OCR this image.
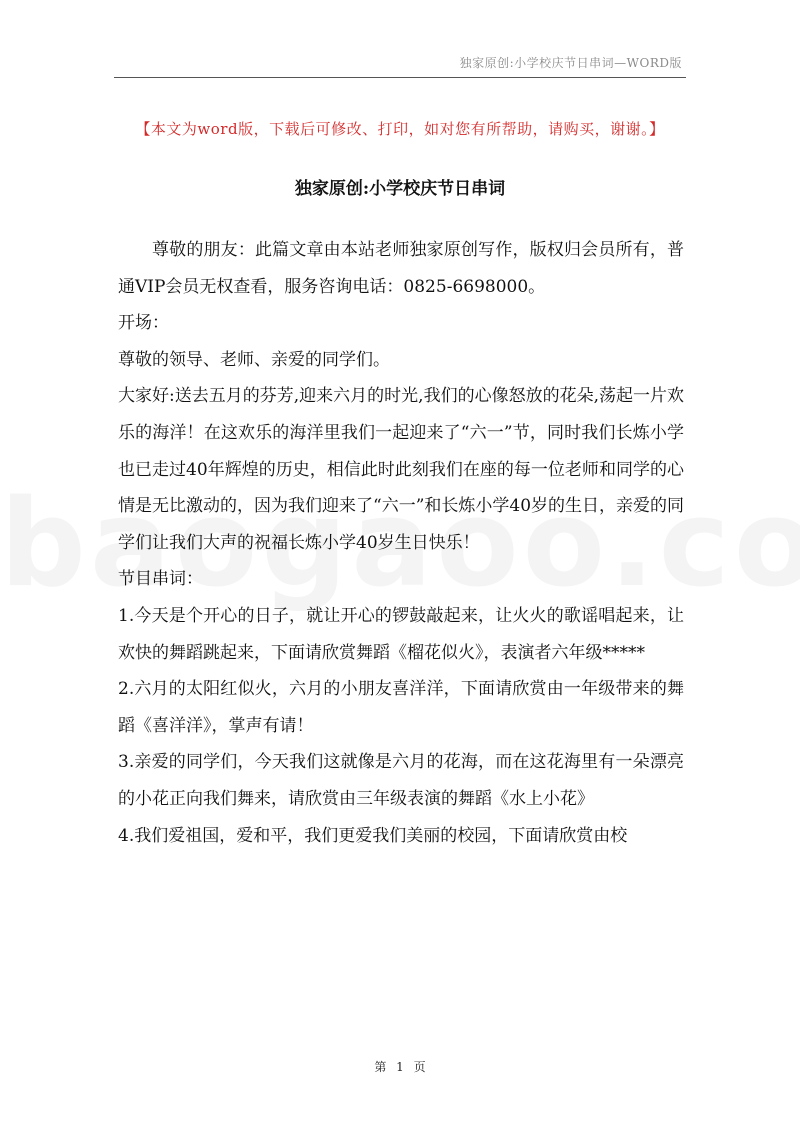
独家原创:小学校庆节日串词—WORD版
【本文为word版，下载后可修改、打印，如对您有所帮助，请购买，谢谢。】
独家原创:小学校庆节日串词

尊敬的朋友：此篇文章由本站老师独家原创写作，版权归会员所有，普通VIP会员无权查看，服务咨询电话：0825-6698000。

开场：

尊敬的领导、老师、亲爱的同学们。

大家好:送去五月的芬芳,迎来六月的时光,我们的心像怒放的花朵,荡起一片欢乐的海洋！在这欢乐的海洋里我们一起迎来了“六一”节，同时我们长炼小学也已走过40年辉煌的历史，相信此时此刻我们在座的每一位老师和同学的心情是无比激动的，因为我们迎来了“六一”和长炼小学40岁的生日，亲爱的同学们让我们大声的祝福长炼小学40岁生日快乐！

节目串词：

1.今天是个开心的日子，就让开心的锣鼓敲起来，让火火的歌谣唱起来，让欢快的舞蹈跳起来，下面请欣赏舞蹈《榴花似火》，表演者六年级*****

2.六月的太阳红似火，六月的小朋友喜洋洋，下面请欣赏由一年级带来的舞蹈《喜洋洋》，掌声有请！

3.亲爱的同学们，今天我们这就像是六月的花海，而在这花海里有一朵漂亮的小花正向我们舞来，请欣赏由三年级表演的舞蹈《水上小花》

4.我们爱祖国，爱和平，我们更爱我们美丽的校园，下面请欣赏由校

第 1 页
